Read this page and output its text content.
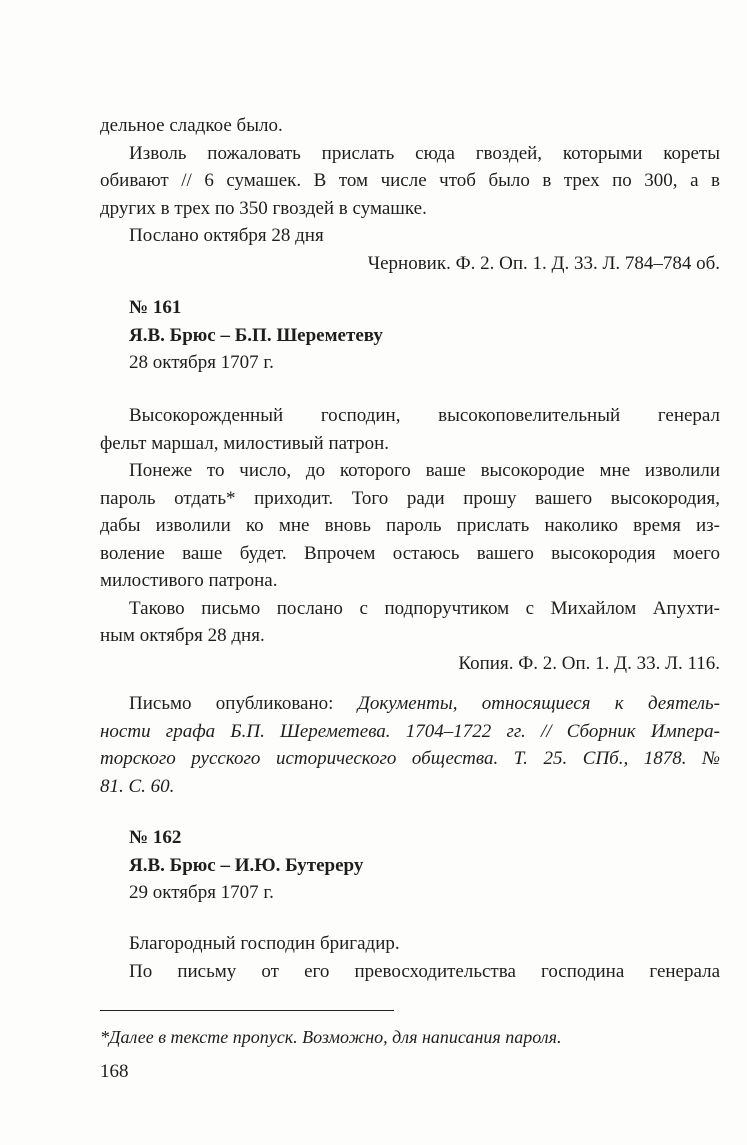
дельное сладкое было.

Изволь пожаловать прислать сюда гвоздей, которыми кореты

обивают // 6 сумашек. В том числе чтоб было в трех по 300, а в

других в трех по 350 гвоздей в сумашке.

Послано октября 28 дня

Черновик. Ф. 2. Оп. 1. Д. 33. Л. 784–784 об.

№ 161

Я.В. Брюс – Б.П. Шереметеву

28 октября 1707 г.

Высокорожденный господин, высокоповелительный генерал

фельт маршал, милостивый патрон.

Понеже то число, до которого ваше высокородие мне изволили

пароль отдать* приходит. Того ради прошу вашего высокородия,

дабы изволили ко мне вновь пароль прислать наколико время из-

воление ваше будет. Впрочем остаюсь вашего высокородия моего

милостивого патрона.

Таково письмо послано с подпоручтиком с Михайлом Апухти-

ным октября 28 дня.

Копия. Ф. 2. Оп. 1. Д. 33. Л. 116.

Письмо опубликовано: Документы, относящиеся к деятель-

ности графа Б.П. Шереметева. 1704–1722 гг. // Сборник Импера-

торского русского исторического общества. Т. 25. СПб., 1878. №

81. С. 60.

№ 162

Я.В. Брюс – И.Ю. Бутереру

29 октября 1707 г.

Благородный господин бригадир.

По письму от его превосходительства господина генерала

*Далее в тексте пропуск. Возможно, для написания пароля.
168
